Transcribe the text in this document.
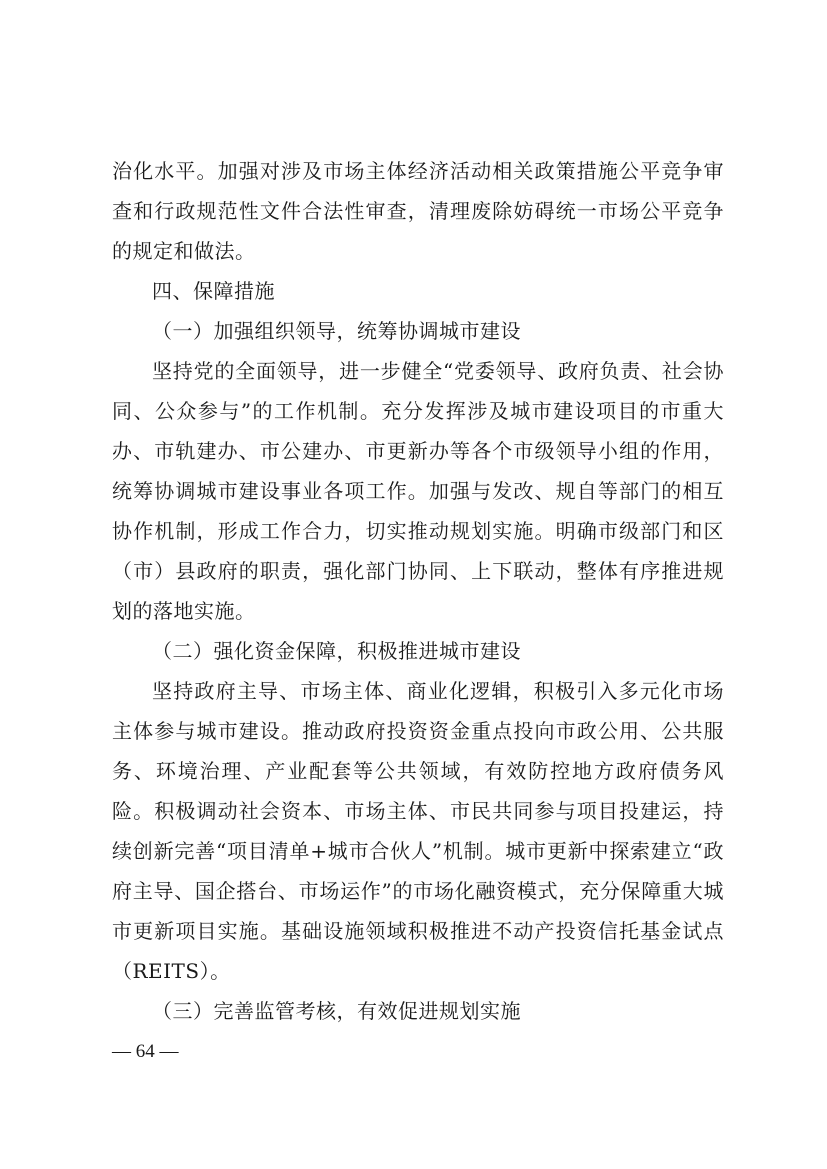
治化水平。加强对涉及市场主体经济活动相关政策措施公平竞争审查和行政规范性文件合法性审查，清理废除妨碍统一市场公平竞争的规定和做法。

四、保障措施

（一）加强组织领导，统筹协调城市建设

坚持党的全面领导，进一步健全“党委领导、政府负责、社会协同、公众参与”的工作机制。充分发挥涉及城市建设项目的市重大办、市轨建办、市公建办、市更新办等各个市级领导小组的作用，统筹协调城市建设事业各项工作。加强与发改、规自等部门的相互协作机制，形成工作合力，切实推动规划实施。明确市级部门和区（市）县政府的职责，强化部门协同、上下联动，整体有序推进规划的落地实施。

（二）强化资金保障，积极推进城市建设

坚持政府主导、市场主体、商业化逻辑，积极引入多元化市场主体参与城市建设。推动政府投资资金重点投向市政公用、公共服务、环境治理、产业配套等公共领域，有效防控地方政府债务风险。积极调动社会资本、市场主体、市民共同参与项目投建运，持续创新完善“项目清单+城市合伙人”机制。城市更新中探索建立“政府主导、国企搭台、市场运作”的市场化融资模式，充分保障重大城市更新项目实施。基础设施领域积极推进不动产投资信托基金试点（REITS）。

（三）完善监管考核，有效促进规划实施

— 64 —
